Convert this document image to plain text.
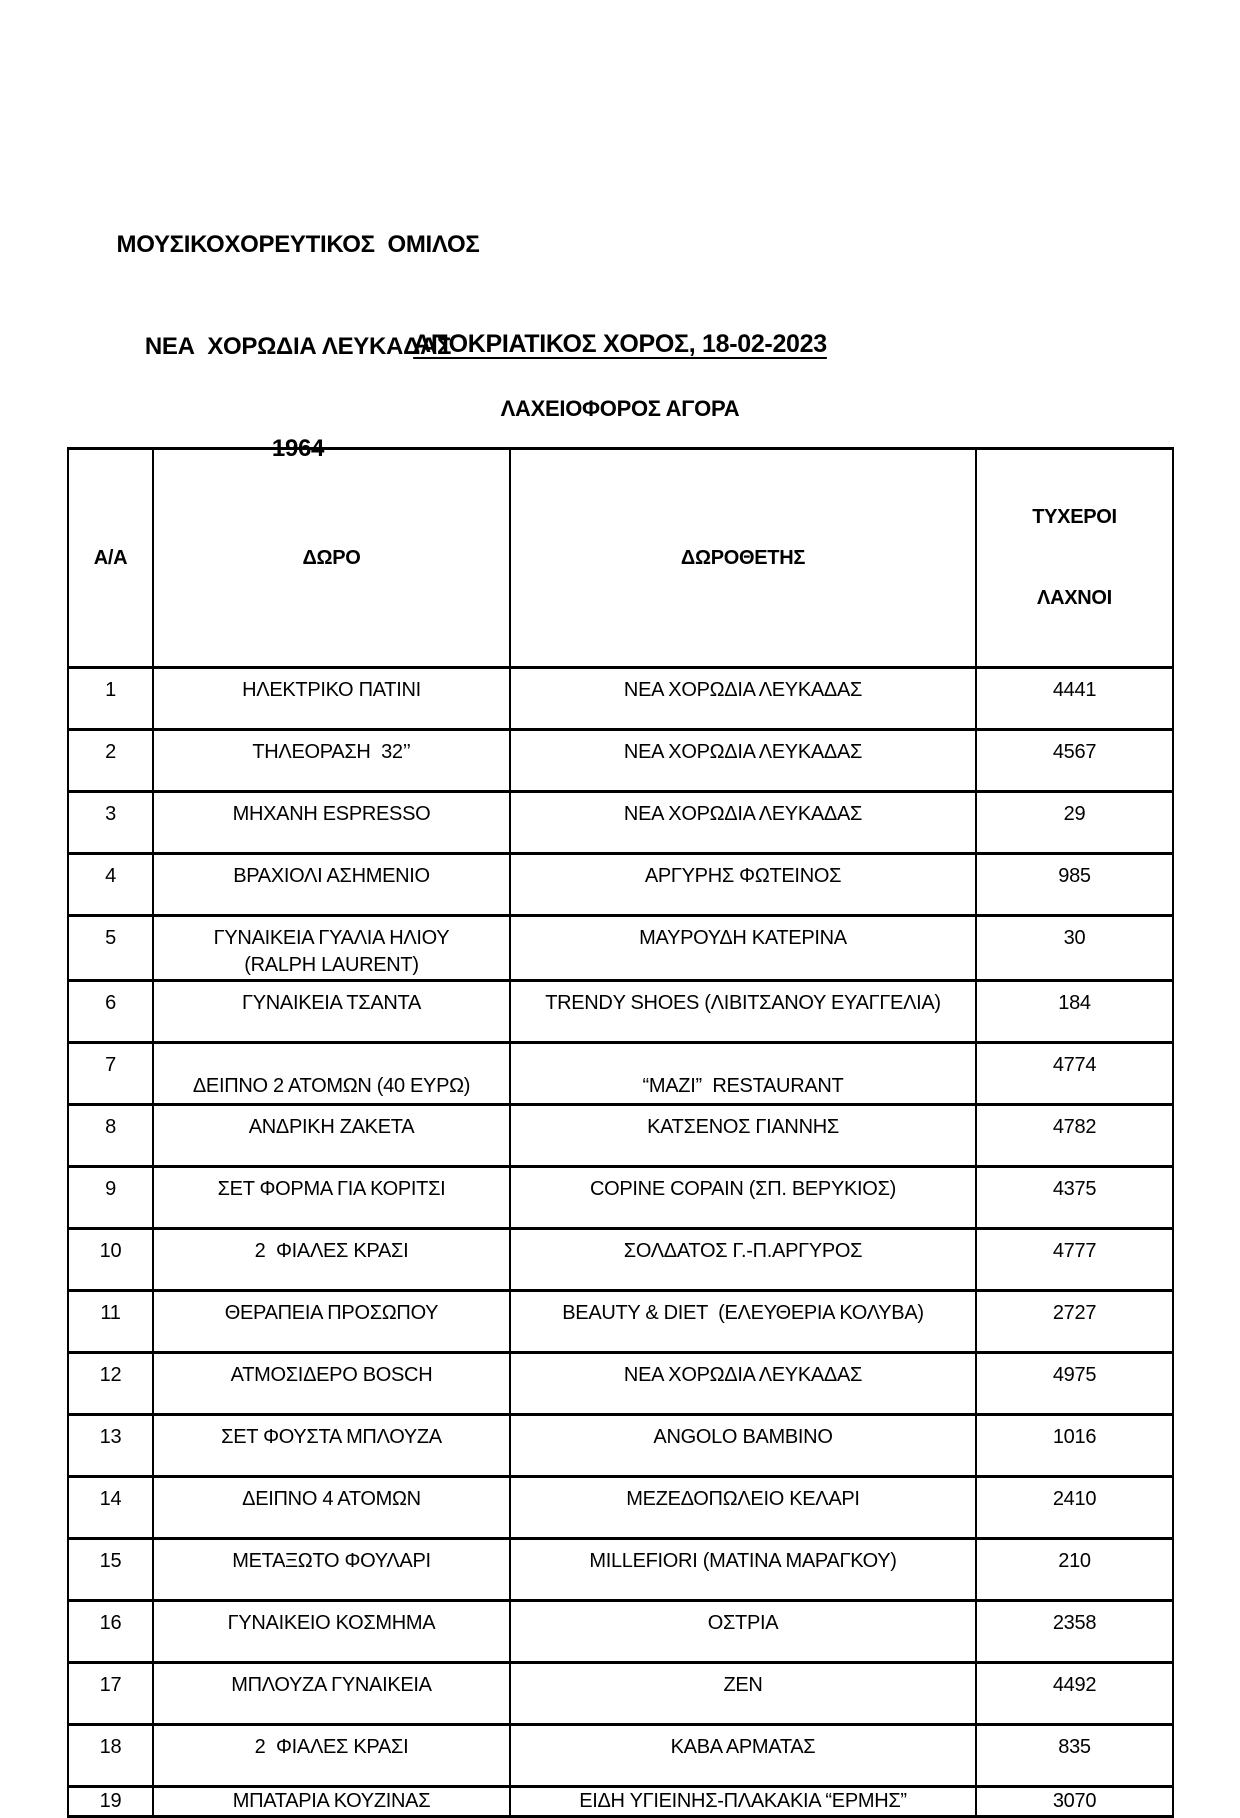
ΜΟΥΣΙΚΟΧΟΡΕΥΤΙΚΟΣ  ΟΜΙΛΟΣ

ΝΕΑ  ΧΟΡΩΔΙΑ ΛΕΥΚΑΔΑΣ

1964

ΑΠΟΚΡΙΑΤΙΚΟΣ ΧΟΡΟΣ, 18-02-2023
ΛΑΧΕΙΟΦΟΡΟΣ ΑΓΟΡΑ
Α/Α	ΔΩΡΟ	ΔΩΡΟΘΕΤΗΣ	ΤΥΧΕΡΟΙ

ΛΑΧΝΟΙ

1	ΗΛΕΚΤΡΙΚΟ ΠΑΤΙΝΙ	ΝΕΑ ΧΟΡΩΔΙΑ ΛΕΥΚΑΔΑΣ	4441

2	ΤΗΛΕΟΡΑΣΗ  32’’	ΝΕΑ ΧΟΡΩΔΙΑ ΛΕΥΚΑΔΑΣ	4567

3	ΜΗΧΑΝΗ ESPRESSO	ΝΕΑ ΧΟΡΩΔΙΑ ΛΕΥΚΑΔΑΣ	29

4	ΒΡΑΧΙΟΛΙ ΑΣΗΜΕΝΙΟ	ΑΡΓΥΡΗΣ ΦΩΤΕΙΝΟΣ	985

5	ΓΥΝΑΙΚΕΙΑ ΓΥΑΛΙΑ ΗΛΙΟΥ
(RALPH LAURENT)	ΜΑΥΡΟΥΔΗ ΚΑΤΕΡΙΝΑ	30

6	ΓΥΝΑΙΚΕΙΑ ΤΣΑΝΤΑ	TRENDY SHOES (ΛΙΒΙΤΣΑΝΟΥ ΕΥΑΓΓΕΛΙΑ)	184

7	ΔΕΙΠΝΟ 2 ΑΤΟΜΩΝ (40 ΕΥΡΩ)	“ΜΑΖΙ”  RESTAURANT	4774

8	ΑΝΔΡΙΚΗ ΖΑΚΕΤΑ	ΚΑΤΣΕΝΟΣ ΓΙΑΝΝΗΣ	4782

9	ΣΕΤ ΦΟΡΜΑ ΓΙΑ ΚΟΡΙΤΣΙ	COPINE COPAIN (ΣΠ. ΒΕΡΥΚΙΟΣ)	4375

10	2  ΦΙΑΛΕΣ ΚΡΑΣΙ	ΣΟΛΔΑΤΟΣ Γ.-Π.ΑΡΓΥΡΟΣ	4777

11	ΘΕΡΑΠΕΙΑ ΠΡΟΣΩΠΟΥ	BEAUTY & DIET  (ΕΛΕΥΘΕΡΙΑ ΚΟΛΥΒΑ)	2727

12	ΑΤΜΟΣΙΔΕΡΟ BOSCH	ΝΕΑ ΧΟΡΩΔΙΑ ΛΕΥΚΑΔΑΣ	4975

13	ΣΕΤ ΦΟΥΣΤΑ ΜΠΛΟΥΖΑ	ANGOLO BAMBINO	1016

14	ΔΕΙΠΝΟ 4 ΑΤΟΜΩΝ	ΜΕΖΕΔΟΠΩΛΕΙΟ ΚΕΛΑΡΙ	2410

15	ΜΕΤΑΞΩΤΟ ΦΟΥΛΑΡΙ	MILLEFIORI (ΜΑΤΙΝΑ ΜΑΡΑΓΚΟΥ)	210

16	ΓΥΝΑΙΚΕΙΟ ΚΟΣΜΗΜΑ	ΟΣΤΡΙΑ	2358

17	ΜΠΛΟΥΖΑ ΓΥΝΑΙΚΕΙΑ	ZEN	4492

18	2  ΦΙΑΛΕΣ ΚΡΑΣΙ	ΚΑΒΑ ΑΡΜΑΤΑΣ	835

19	ΜΠΑΤΑΡΙΑ ΚΟΥΖΙΝΑΣ	ΕΙΔΗ ΥΓΙΕΙΝΗΣ-ΠΛΑΚΑΚΙΑ “ΕΡΜΗΣ”	3070
